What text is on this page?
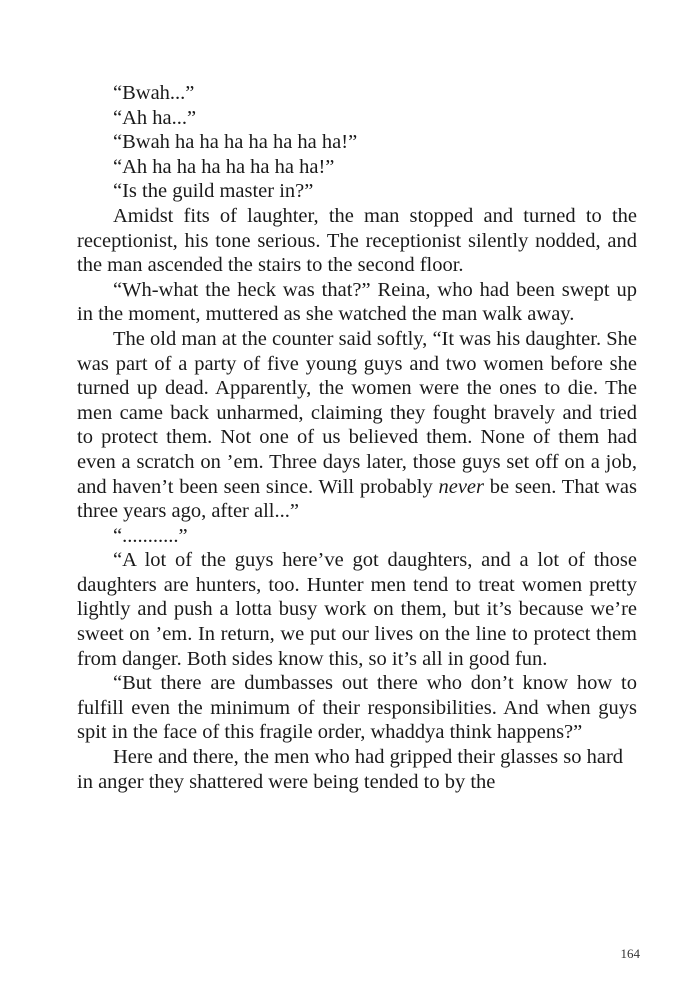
“Bwah...”

“Ah ha...”

“Bwah ha ha ha ha ha ha ha!”

“Ah ha ha ha ha ha ha ha!”

“Is the guild master in?”

Amidst fits of laughter, the man stopped and turned to the receptionist, his tone serious. The receptionist silently nodded, and the man ascended the stairs to the second floor.

“Wh-what the heck was that?” Reina, who had been swept up in the moment, muttered as she watched the man walk away.

The old man at the counter said softly, “It was his daughter. She was part of a party of five young guys and two women before she turned up dead. Apparently, the women were the ones to die. The men came back unharmed, claiming they fought bravely and tried to protect them. Not one of us believed them. None of them had even a scratch on ’em. Three days later, those guys set off on a job, and haven’t been seen since. Will probably never be seen. That was three years ago, after all...”

“...........”

“A lot of the guys here’ve got daughters, and a lot of those daughters are hunters, too. Hunter men tend to treat women pretty lightly and push a lotta busy work on them, but it’s because we’re sweet on ’em. In return, we put our lives on the line to protect them from danger. Both sides know this, so it’s all in good fun.

“But there are dumbasses out there who don’t know how to fulfill even the minimum of their responsibilities. And when guys spit in the face of this fragile order, whaddya think happens?”

Here and there, the men who had gripped their glasses so hard in anger they shattered were being tended to by the

164
